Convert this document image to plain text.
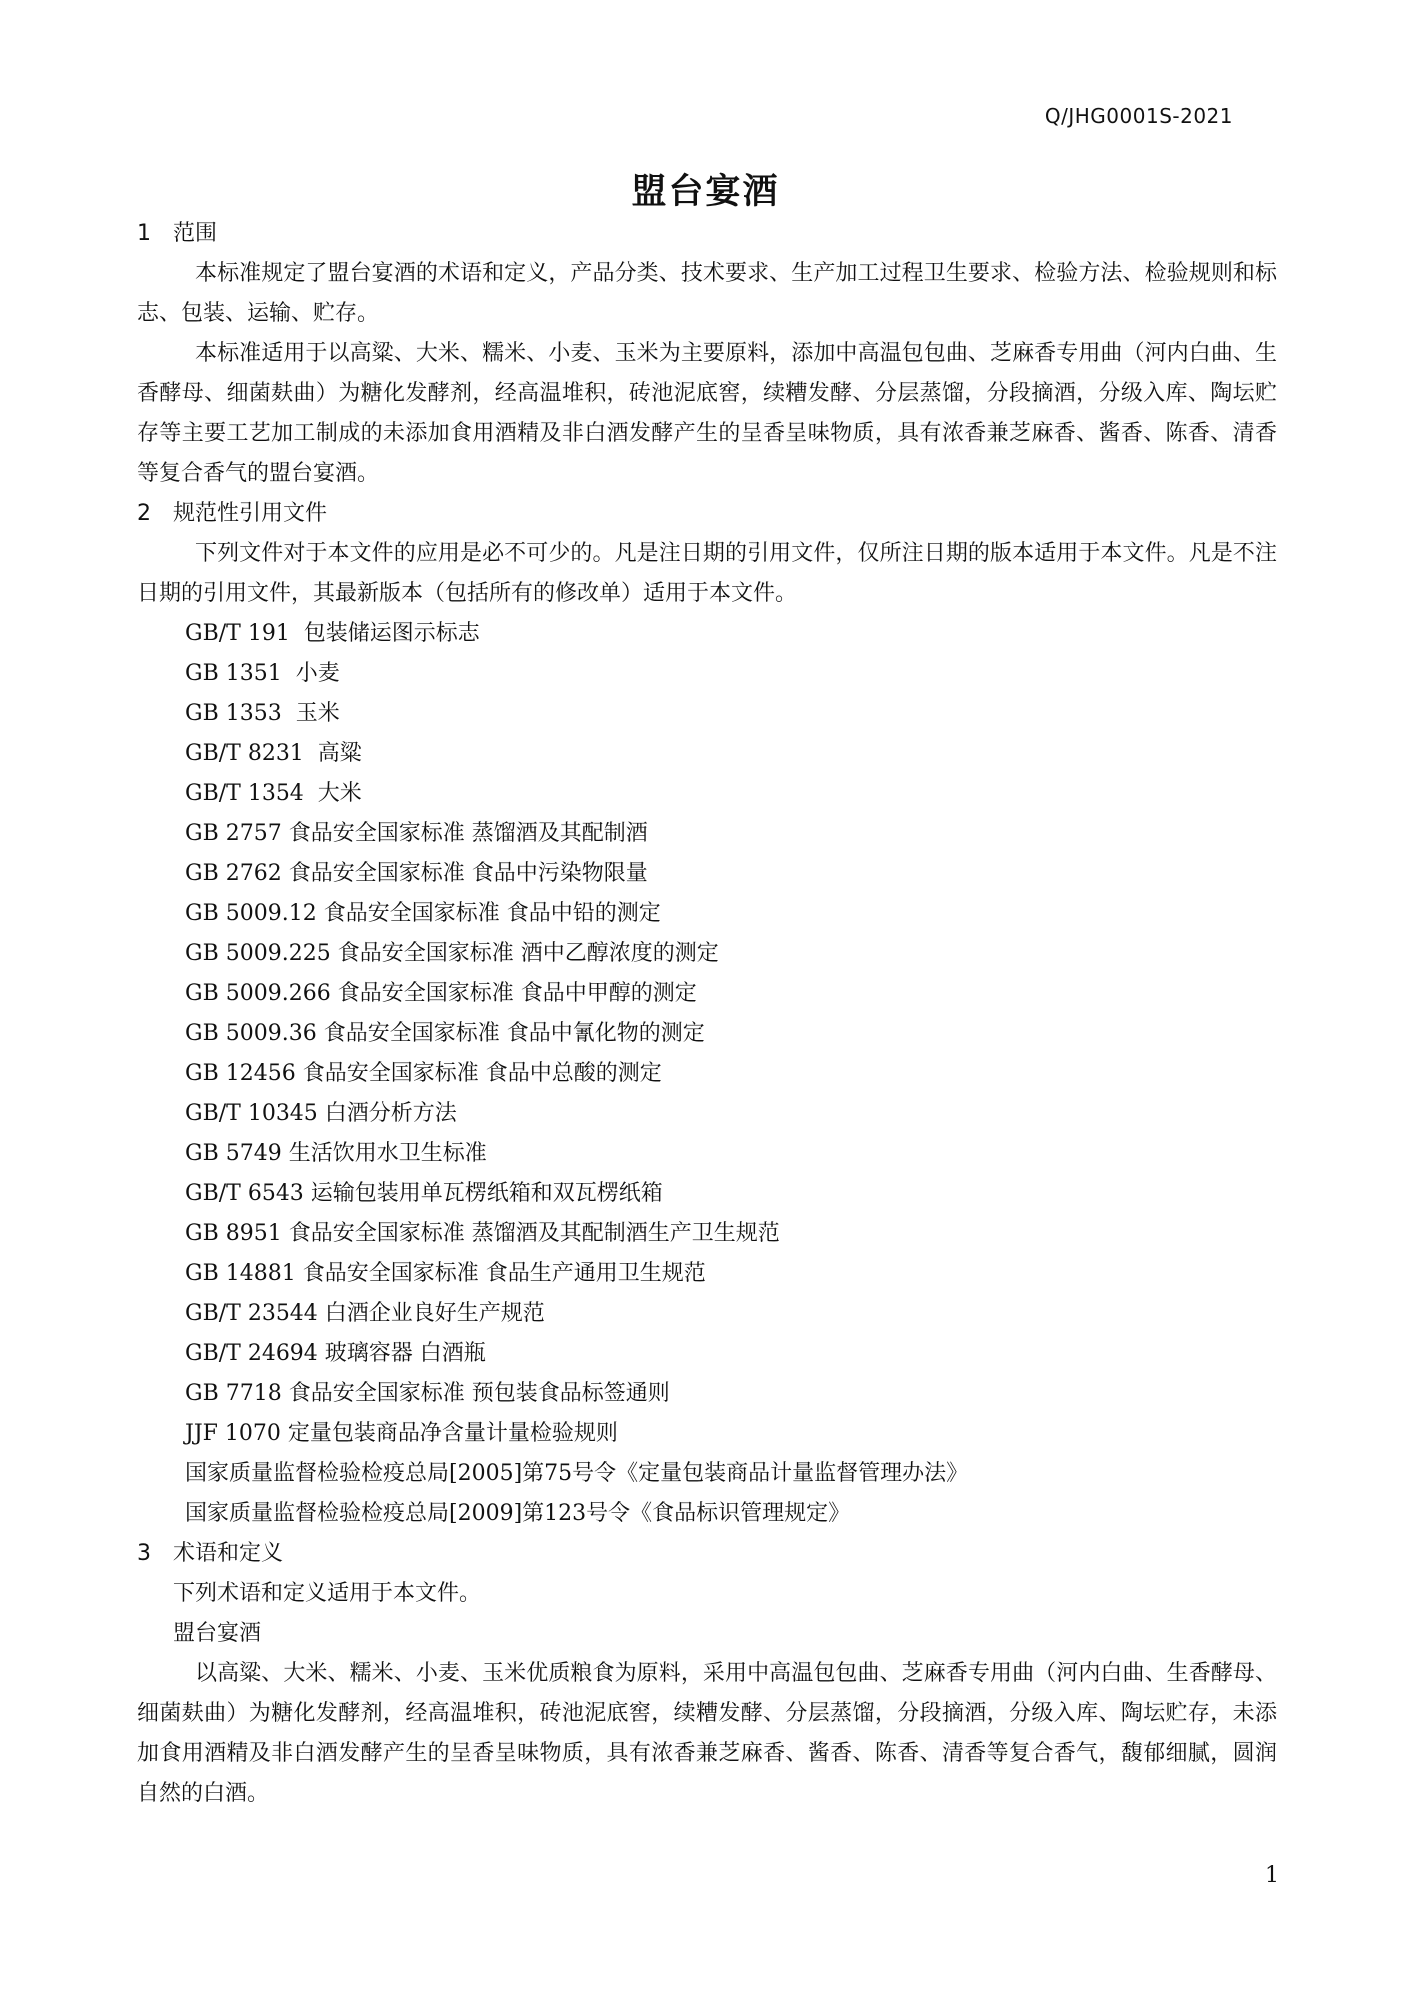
Q/JHG0001S-2021
盟台宴酒
1 范围

本标准规定了盟台宴酒的术语和定义，产品分类、技术要求、生产加工过程卫生要求、检验方法、检验规则和标志、包装、运输、贮存。

本标准适用于以高粱、大米、糯米、小麦、玉米为主要原料，添加中高温包包曲、芝麻香专用曲（河内白曲、生香酵母、细菌麸曲）为糖化发酵剂，经高温堆积，砖池泥底窖，续糟发酵、分层蒸馏，分段摘酒，分级入库、陶坛贮存等主要工艺加工制成的未添加食用酒精及非白酒发酵产生的呈香呈味物质，具有浓香兼芝麻香、酱香、陈香、清香等复合香气的盟台宴酒。

2 规范性引用文件

下列文件对于本文件的应用是必不可少的。凡是注日期的引用文件，仅所注日期的版本适用于本文件。凡是不注日期的引用文件，其最新版本（包括所有的修改单）适用于本文件。

GB/T 191  包装储运图示标志

GB 1351  小麦

GB 1353  玉米

GB/T 8231  高粱

GB/T 1354  大米

GB 2757 食品安全国家标准 蒸馏酒及其配制酒

GB 2762 食品安全国家标准 食品中污染物限量

GB 5009.12 食品安全国家标准 食品中铅的测定

GB 5009.225 食品安全国家标准 酒中乙醇浓度的测定

GB 5009.266 食品安全国家标准 食品中甲醇的测定

GB 5009.36 食品安全国家标准 食品中氰化物的测定

GB 12456 食品安全国家标准 食品中总酸的测定

GB/T 10345 白酒分析方法

GB 5749 生活饮用水卫生标准

GB/T 6543 运输包装用单瓦楞纸箱和双瓦楞纸箱

GB 8951 食品安全国家标准 蒸馏酒及其配制酒生产卫生规范

GB 14881 食品安全国家标准 食品生产通用卫生规范

GB/T 23544 白酒企业良好生产规范

GB/T 24694 玻璃容器 白酒瓶

GB 7718 食品安全国家标准 预包装食品标签通则

JJF 1070 定量包装商品净含量计量检验规则

国家质量监督检验检疫总局[2005]第75号令《定量包装商品计量监督管理办法》

国家质量监督检验检疫总局[2009]第123号令《食品标识管理规定》

3 术语和定义
下列术语和定义适用于本文件。
盟台宴酒

以高粱、大米、糯米、小麦、玉米优质粮食为原料，采用中高温包包曲、芝麻香专用曲（河内白曲、生香酵母、细菌麸曲）为糖化发酵剂，经高温堆积，砖池泥底窖，续糟发酵、分层蒸馏，分段摘酒，分级入库、陶坛贮存，未添加食用酒精及非白酒发酵产生的呈香呈味物质，具有浓香兼芝麻香、酱香、陈香、清香等复合香气，馥郁细腻，圆润自然的白酒。

1
